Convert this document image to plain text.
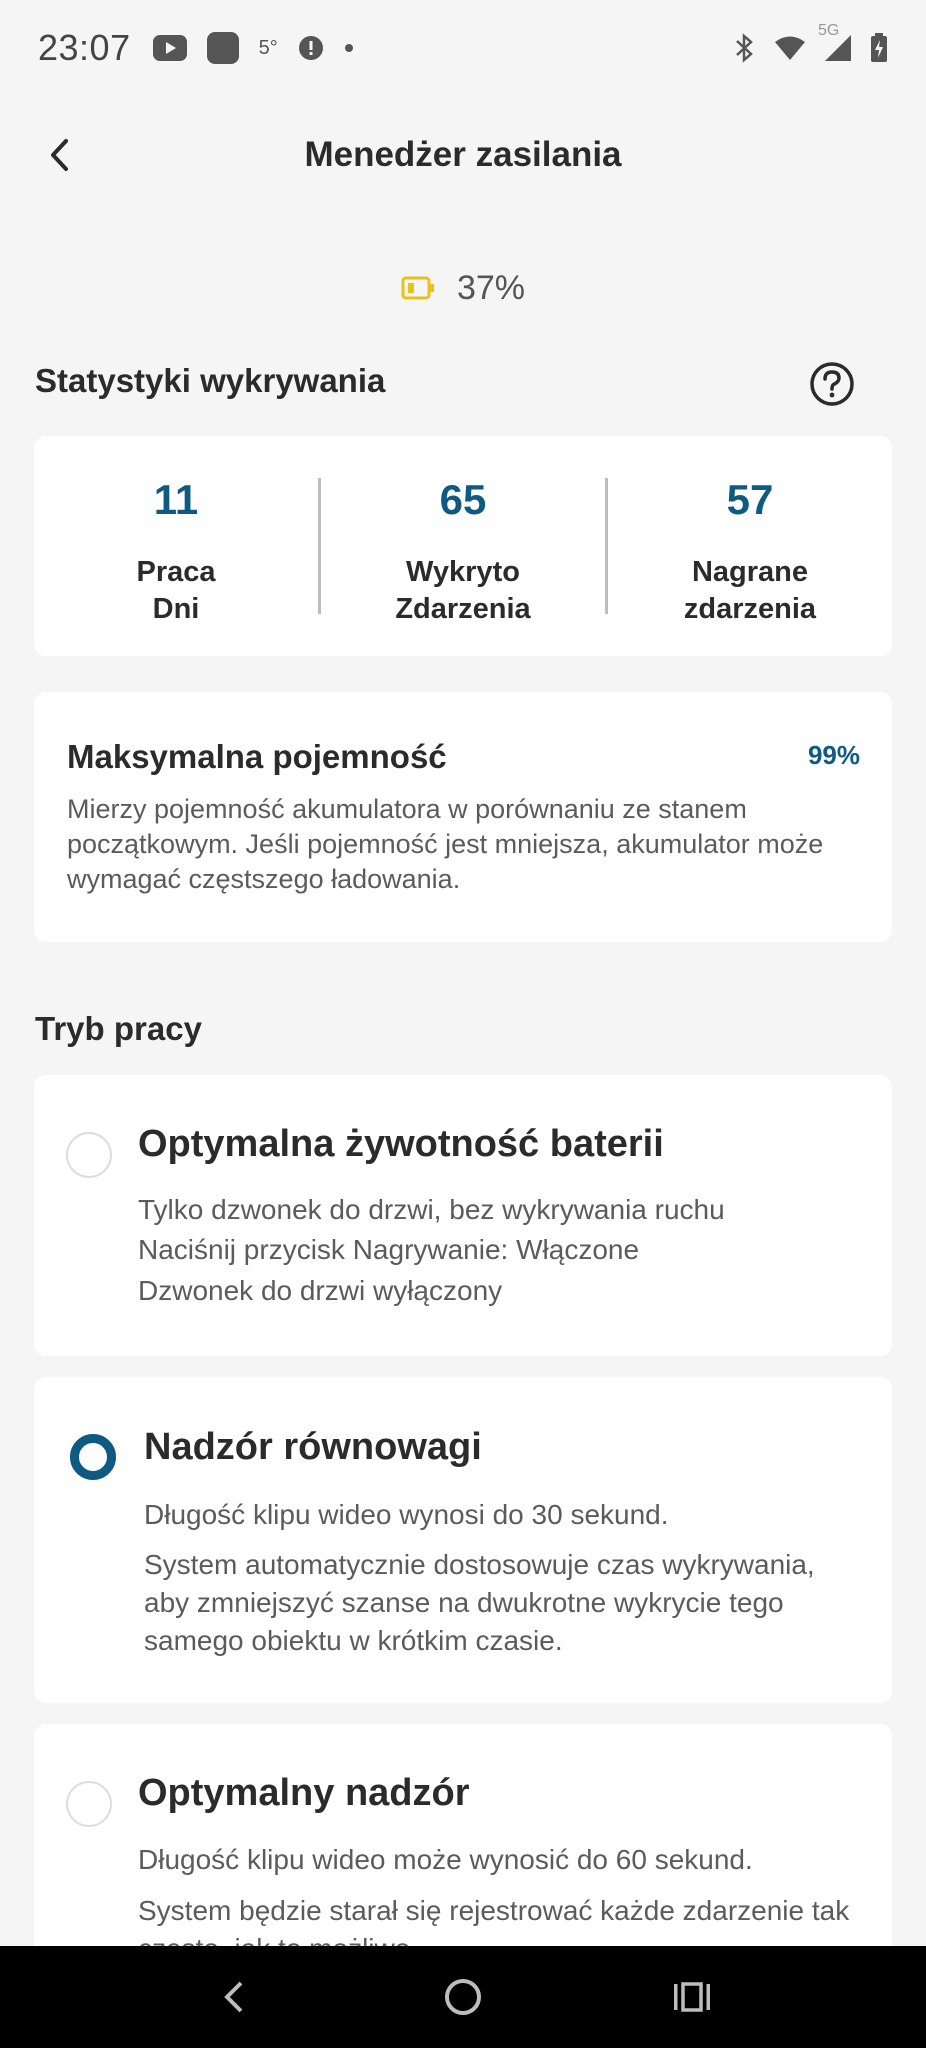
23:07	5°
5G
Menedżer zasilania
37%
Statystyki wykrywania
11
Praca
Dni
65
Wykryto
Zdarzenia
57
Nagrane
zdarzenia
Maksymalna pojemność	99%
Mierzy pojemność akumulatora w porównaniu ze stanem początkowym. Jeśli pojemność jest mniejsza, akumulator może wymagać częstszego ładowania.
Tryb pracy
Optymalna żywotność baterii
Tylko dzwonek do drzwi, bez wykrywania ruchu
Naciśnij przycisk Nagrywanie: Włączone
Dzwonek do drzwi wyłączony
Nadzór równowagi
Długość klipu wideo wynosi do 30 sekund.
System automatycznie dostosowuje czas wykrywania, aby zmniejszyć szanse na dwukrotne wykrycie tego samego obiektu w krótkim czasie.
Optymalny nadzór
Długość klipu wideo może wynosić do 60 sekund.
System będzie starał się rejestrować każde zdarzenie tak
